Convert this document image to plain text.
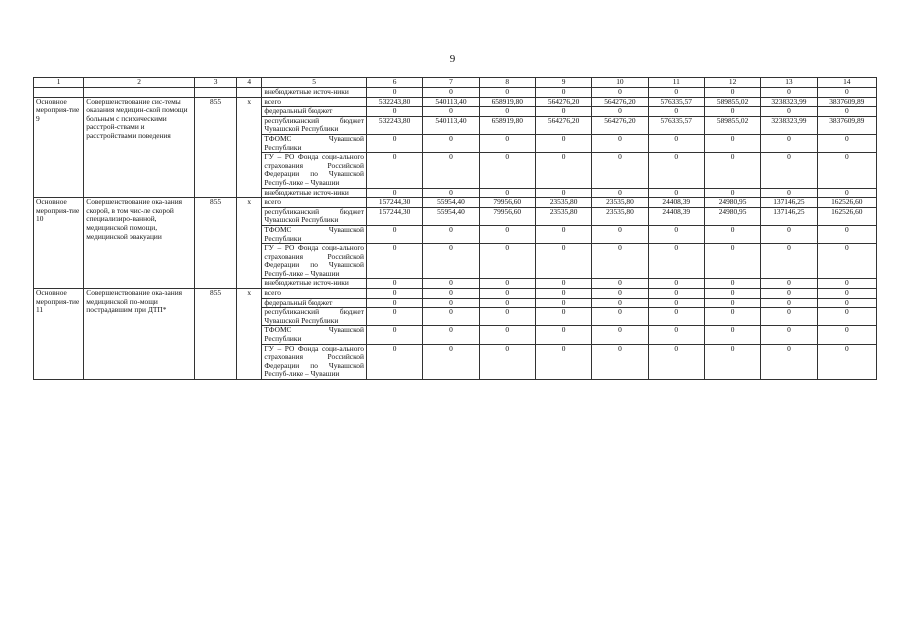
9
1	2	3	4	5	6	7	8	9	10	11	12	13	14
				внебюджетные источ-ники	0	0	0	0	0	0	0	0	0
Основное мероприя-тие 9	Совершенствование сис-темы оказания медицин-ской помощи больным с психическими расстрой-ствами и расстройствами поведения	855	х	всего	532243,80	540113,40	658919,80	564276,20	564276,20	576335,57	589855,02	3238323,99	3837609,89
				федеральный бюджет	0	0	0	0	0	0	0	0	0
				республиканский бюджет Чувашской Республики	532243,80	540113,40	658919,80	564276,20	564276,20	576335,57	589855,02	3238323,99	3837609,89
				ТФОМС Чувашской Республики	0	0	0	0	0	0	0	0	0
				ГУ – РО Фонда соци-ального страхования Российской Федерации по Чувашской Респуб-лике – Чувашии	0	0	0	0	0	0	0	0	0
				внебюджетные источ-ники	0	0	0	0	0	0	0	0	0
Основное мероприя-тие 10	Совершенствование ока-зания скорой, в том чис-ле скорой специализиро-ванной, медицинской помощи, медицинской эвакуации	855	х	всего	157244,30	55954,40	79956,60	23535,80	23535,80	24408,39	24980,95	137146,25	162526,60
				республиканский бюджет Чувашской Республики	157244,30	55954,40	79956,60	23535,80	23535,80	24408,39	24980,95	137146,25	162526,60
				ТФОМС Чувашской Республики	0	0	0	0	0	0	0	0	0
				ГУ – РО Фонда соци-ального страхования Российской Федерации по Чувашской Респуб-лике – Чувашии	0	0	0	0	0	0	0	0	0
				внебюджетные источ-ники	0	0	0	0	0	0	0	0	0
Основное мероприя-тие 11	Совершенствование ока-зания медицинской по-мощи пострадавшим при ДТП*	855	х	всего	0	0	0	0	0	0	0	0	0
				федеральный бюджет	0	0	0	0	0	0	0	0	0
				республиканский бюджет Чувашской Республики	0	0	0	0	0	0	0	0	0
				ТФОМС Чувашской Республики	0	0	0	0	0	0	0	0	0
				ГУ – РО Фонда соци-ального страхования Российской Федерации по Чувашской Респуб-лике – Чувашии	0	0	0	0	0	0	0	0	0
